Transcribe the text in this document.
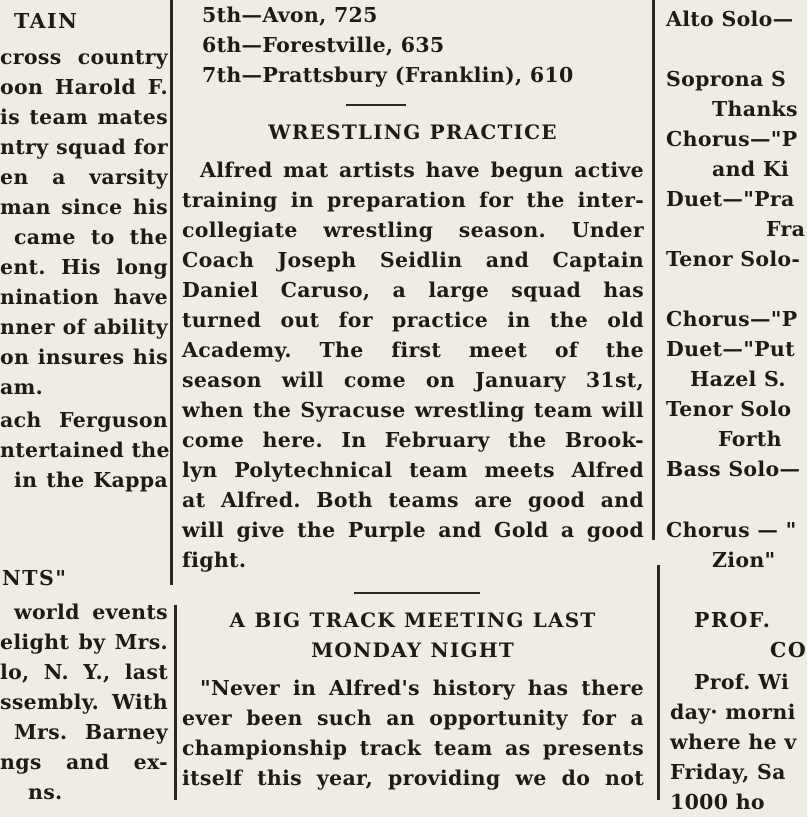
TAIN
cross country
oon Harold F.
is team mates
ntry squad for
en a varsity
man since his
came to the
ent. His long
nination have
nner of ability
on insures his
am.
ach Ferguson
ntertained the
in the Kappa
NTS"
world events
elight by Mrs.
lo, N. Y., last
ssembly. With
Mrs. Barney
ngs and ex-
ns.
5th—Avon, 725
6th—Forestville, 635
7th—Prattsbury (Franklin), 610
WRESTLING PRACTICE
Alfred mat artists have begun active
training in preparation for the inter-
collegiate wrestling season. Under
Coach Joseph Seidlin and Captain
Daniel Caruso, a large squad has
turned out for practice in the old
Academy. The first meet of the
season will come on January 31st,
when the Syracuse wrestling team will
come here. In February the Brook-
lyn Polytechnical team meets Alfred
at Alfred. Both teams are good and
will give the Purple and Gold a good
fight.
A BIG TRACK MEETING LAST
MONDAY NIGHT
"Never in Alfred's history has there
ever been such an opportunity for a
championship track team as presents
itself this year, providing we do not
Alto Solo—
Soprona S
Thanks
Chorus—"P
and Ki
Duet—"Pra
Fra
Tenor Solo-
Chorus—"P
Duet—"Put
Hazel S.
Tenor Solo
Forth
Bass Solo—
Chorus — "
Zion"
PROF.
CO
Prof. Wi
day· morni
where he v
Friday, Sa
1000 ho
